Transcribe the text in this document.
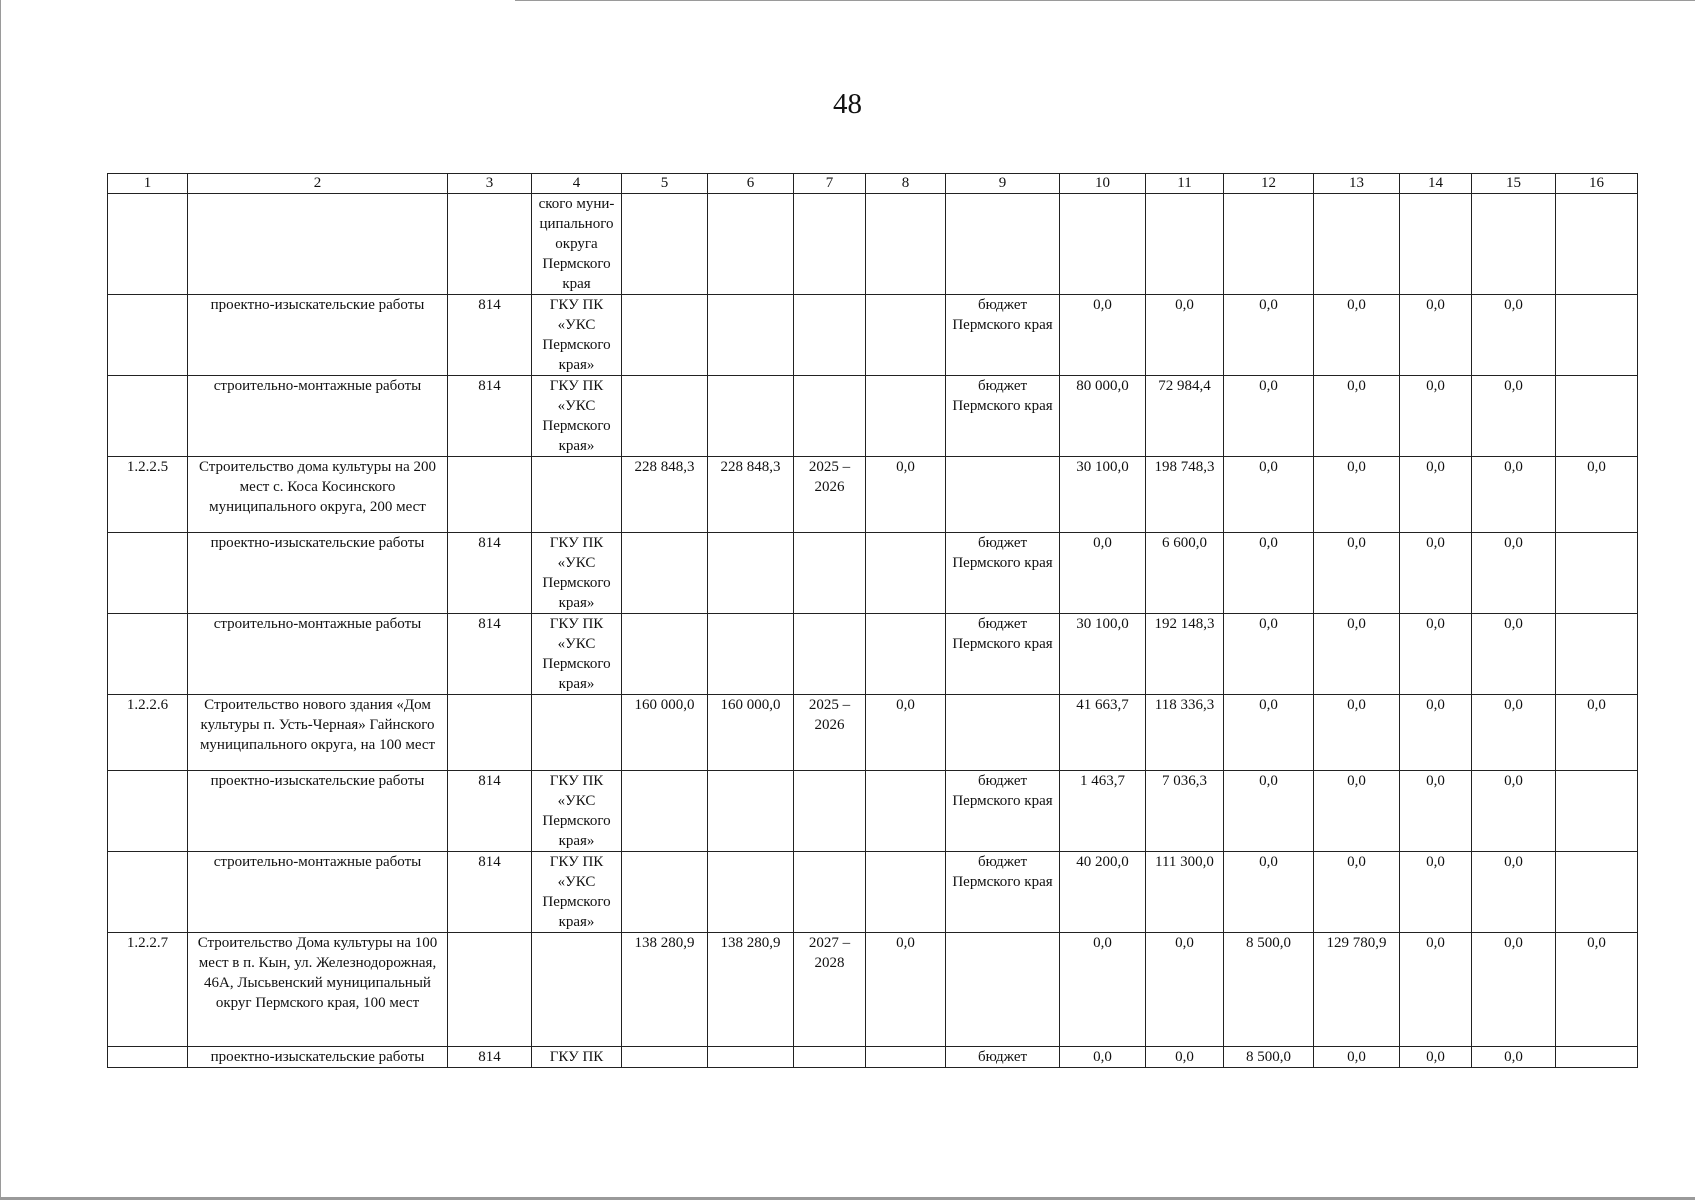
48
1	2	3	4	5	6	7	8	9	10	11	12	13	14	15	16
			ского муни-ципального округа Пермского края												
	проектно-изыскательские работы	814	ГКУ ПК «УКС Пермского края»					бюджет Пермского края	0,0	0,0	0,0	0,0	0,0	0,0	
	строительно-монтажные работы	814	ГКУ ПК «УКС Пермского края»					бюджет Пермского края	80 000,0	72 984,4	0,0	0,0	0,0	0,0	
1.2.2.5	Строительство дома культуры на 200 мест с. Коса Косинского муниципального округа, 200 мест			228 848,3	228 848,3	2025 – 2026	0,0		30 100,0	198 748,3	0,0	0,0	0,0	0,0	0,0
	проектно-изыскательские работы	814	ГКУ ПК «УКС Пермского края»					бюджет Пермского края	0,0	6 600,0	0,0	0,0	0,0	0,0	
	строительно-монтажные работы	814	ГКУ ПК «УКС Пермского края»					бюджет Пермского края	30 100,0	192 148,3	0,0	0,0	0,0	0,0	
1.2.2.6	Строительство нового здания «Дом культуры п. Усть-Черная» Гайнского муниципального округа, на 100 мест			160 000,0	160 000,0	2025 – 2026	0,0		41 663,7	118 336,3	0,0	0,0	0,0	0,0	0,0
	проектно-изыскательские работы	814	ГКУ ПК «УКС Пермского края»					бюджет Пермского края	1 463,7	7 036,3	0,0	0,0	0,0	0,0	
	строительно-монтажные работы	814	ГКУ ПК «УКС Пермского края»					бюджет Пермского края	40 200,0	111 300,0	0,0	0,0	0,0	0,0	
1.2.2.7	Строительство Дома культуры на 100 мест в п. Кын, ул. Железнодорожная, 46А, Лысьвенский муниципальный округ Пермского края, 100 мест			138 280,9	138 280,9	2027 – 2028	0,0		0,0	0,0	8 500,0	129 780,9	0,0	0,0	0,0
	проектно-изыскательские работы	814	ГКУ ПК					бюджет	0,0	0,0	8 500,0	0,0	0,0	0,0	
